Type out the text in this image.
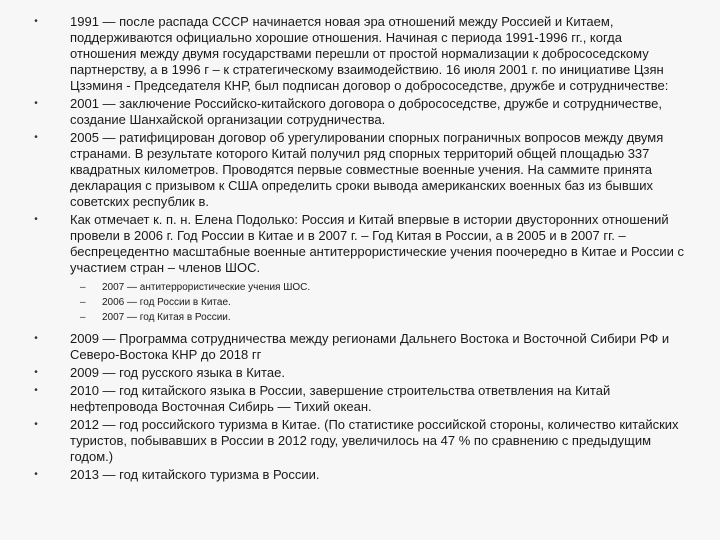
•	1991 — после распада СССР начинается новая эра отношений между Россией и Китаем, поддерживаются официально хорошие отношения. Начиная с периода 1991-1996 гг., когда отношения между двумя государствами перешли от простой нормализации к добрососедскому партнерству, а в 1996 г – к стратегическому взаимодействию. 16 июля 2001 г. по инициативе Цзян Цзэминя - Председателя КНР, был подписан договор о добрососедстве, дружбе и сотрудничестве:
•	2001 — заключение Российско-китайского договора о добрососедстве, дружбе и сотрудничестве, создание Шанхайской организации сотрудничества.
•	2005 — ратифицирован договор об урегулировании спорных пограничных вопросов между двумя странами. В результате которого Китай получил ряд спорных территорий общей площадью 337 квадратных километров. Проводятся первые совместные военные учения. На саммите принята декларация с призывом к США определить сроки вывода американских военных баз из бывших советских республик в.
•	Как отмечает к. п. н. Елена Подолько: Россия и Китай впервые в истории двусторонних отношений провели в 2006 г. Год России в Китае и в 2007 г. – Год Китая в России, а в 2005 и в 2007 гг. – беспрецедентно масштабные военные антитеррористические учения поочередно в Китае и России с участием стран – членов ШОС.
– 2007 — антитеррористические учения ШОС.
– 2006 — год России в Китае.
– 2007 — год Китая в России.
•	2009 — Программа сотрудничества между регионами Дальнего Востока и Восточной Сибири РФ и Северо-Востока КНР до 2018 гг
•	2009 — год русского языка в Китае.
•	2010 — год китайского языка в России, завершение строительства ответвления на Китай нефтепровода Восточная Сибирь — Тихий океан.
•	2012 — год российского туризма в Китае. (По статистике российской стороны, количество китайских туристов, побывавших в России в 2012 году, увеличилось на 47 % по сравнению с предыдущим годом.)
•	2013 — год китайского туризма в России.
